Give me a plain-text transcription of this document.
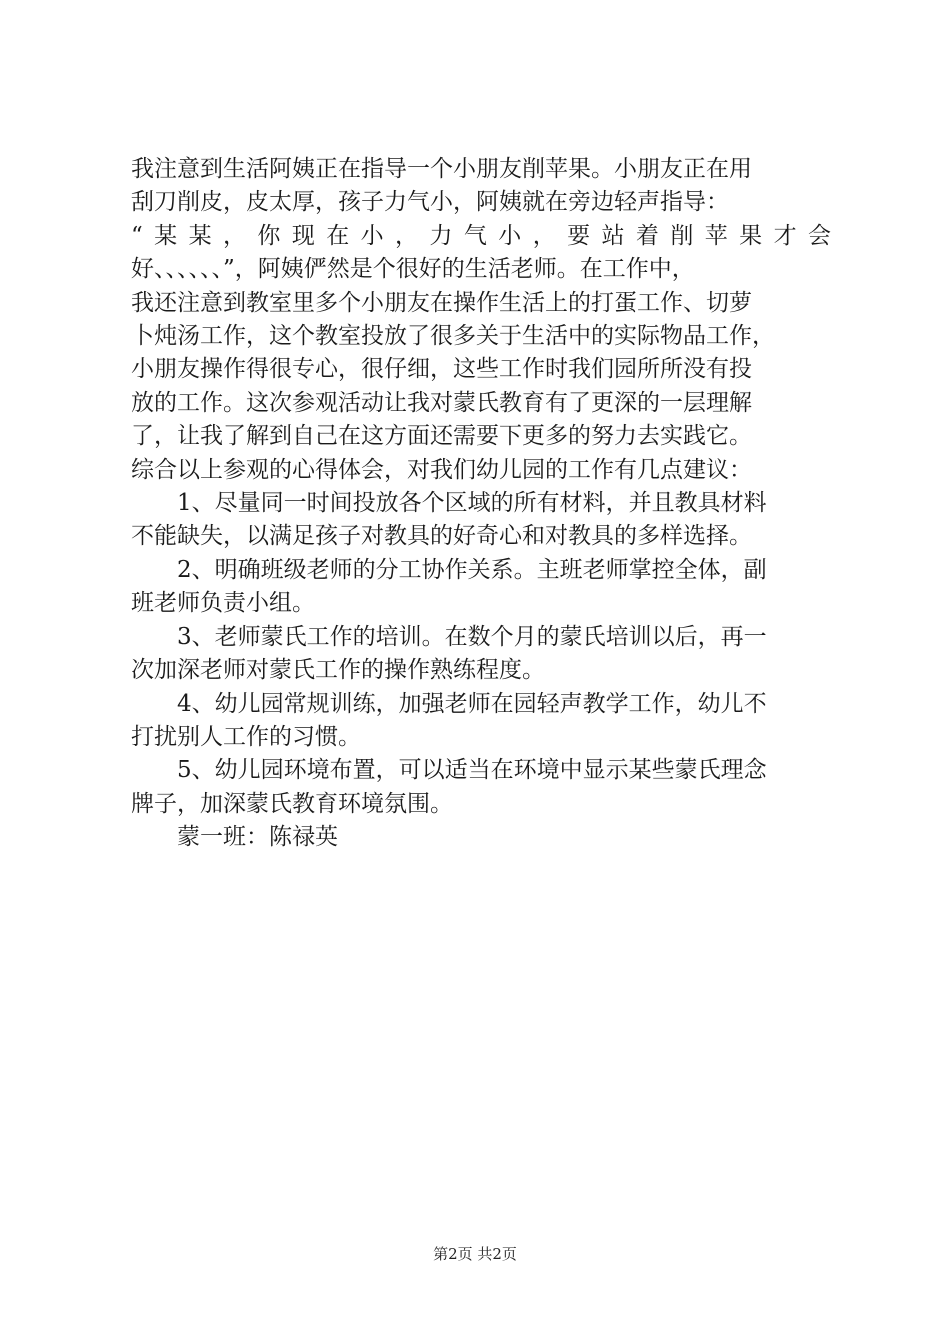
我注意到生活阿姨正在指导一个小朋友削苹果。小朋友正在用
刮刀削皮，皮太厚，孩子力气小，阿姨就在旁边轻声指导：
“某某，你现在小，力气小，要站着削苹果才会
好、、、、、、”，阿姨俨然是个很好的生活老师。在工作中，
我还注意到教室里多个小朋友在操作生活上的打蛋工作、切萝
卜炖汤工作，这个教室投放了很多关于生活中的实际物品工作，
小朋友操作得很专心，很仔细，这些工作时我们园所所没有投
放的工作。这次参观活动让我对蒙氏教育有了更深的一层理解
了，让我了解到自己在这方面还需要下更多的努力去实践它。
综合以上参观的心得体会，对我们幼儿园的工作有几点建议：
1、尽量同一时间投放各个区域的所有材料，并且教具材料
不能缺失，以满足孩子对教具的好奇心和对教具的多样选择。
2、明确班级老师的分工协作关系。主班老师掌控全体，副
班老师负责小组。
3、老师蒙氏工作的培训。在数个月的蒙氏培训以后，再一
次加深老师对蒙氏工作的操作熟练程度。
4、幼儿园常规训练，加强老师在园轻声教学工作，幼儿不
打扰别人工作的习惯。
5、幼儿园环境布置，可以适当在环境中显示某些蒙氏理念
牌子，加深蒙氏教育环境氛围。
蒙一班：陈禄英
第2页 共2页
